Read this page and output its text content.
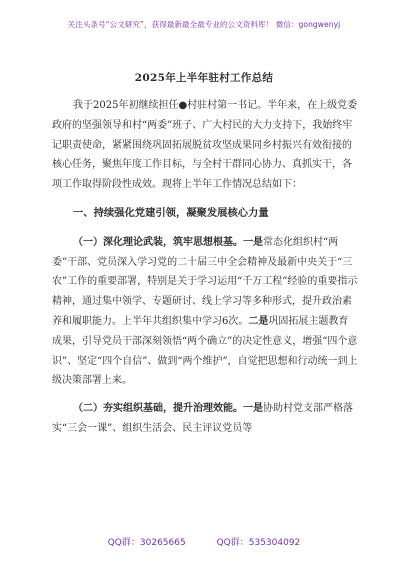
关注头条号“公文研究”，获得最新最全最专业的公文资料库！ 微信：gongwenyj
2025年上半年驻村工作总结

我于2025年初继续担任●村驻村第一书记。半年来，在上级党委政府的坚强领导和村“两委”班子、广大村民的大力支持下，我始终牢记职责使命，紧紧围绕巩固拓展脱贫攻坚成果同乡村振兴有效衔接的核心任务，聚焦年度工作目标，与全村干群同心协力、真抓实干，各项工作取得阶段性成效。现将上半年工作情况总结如下：

一、持续强化党建引领，凝聚发展核心力量

（一）深化理论武装，筑牢思想根基。一是常态化组织村“两委”干部、党员深入学习党的二十届三中全会精神及最新中央关于“三农”工作的重要部署，特别是关于学习运用“千万工程”经验的重要指示精神，通过集中领学、专题研讨、线上学习等多种形式，提升政治素养和履职能力。上半年共组织集中学习6次。二是巩固拓展主题教育成果，引导党员干部深刻领悟“两个确立”的决定性意义，增强“四个意识”、坚定“四个自信”、做到“两个维护”，自觉把思想和行动统一到上级决策部署上来。

（二）夯实组织基础，提升治理效能。一是协助村党支部严格落实“三会一课”、组织生活会、民主评议党员等

QQ群：30265665	QQ群：535304092
